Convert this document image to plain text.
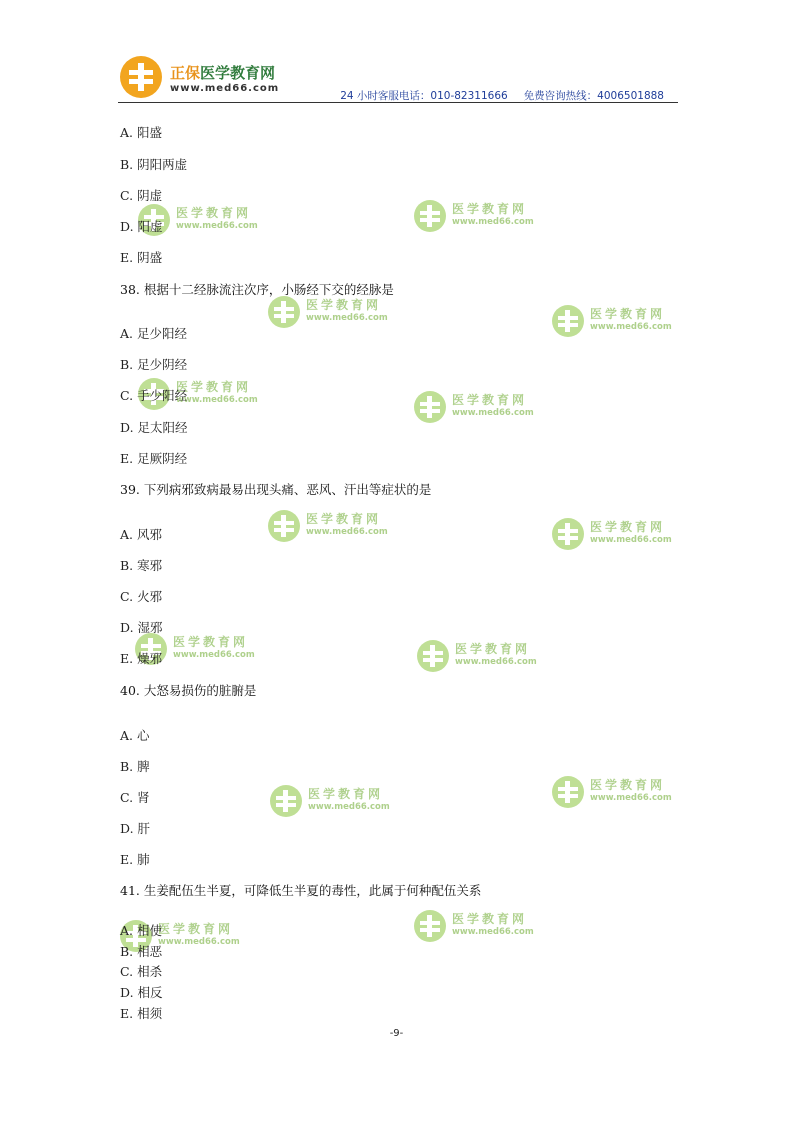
正保医学教育网
www.med66.com
24 小时客服电话：010-82311666 免费咨询热线：4006501888
医学教育网
www.med66.com
医学教育网
www.med66.com
医学教育网
www.med66.com	医学教育网
www.med66.com
医学教育网
www.med66.com	医学教育网
www.med66.com
医学教育网
www.med66.com	医学教育网
www.med66.com
医学教育网
www.med66.com	医学教育网
www.med66.com
医学教育网
www.med66.com
医学教育网
www.med66.com
医学教育网
www.med66.com
医学教育网
www.med66.com
A. 阳盛
B. 阴阳两虚
C. 阴虚
D. 阳虚
E. 阴盛
38. 根据十二经脉流注次序，小肠经下交的经脉是
A. 足少阳经
B. 足少阴经
C. 手少阳经
D. 足太阳经
E. 足厥阴经
39. 下列病邪致病最易出现头痛、恶风、汗出等症状的是
A. 风邪
B. 寒邪
C. 火邪
D. 湿邪
E. 燥邪
40. 大怒易损伤的脏腑是
A. 心
B. 脾
C. 肾
D. 肝
E. 肺
41. 生姜配伍生半夏，可降低生半夏的毒性，此属于何种配伍关系
A. 相使
B. 相恶
C. 相杀
D. 相反
E. 相须
-9-
